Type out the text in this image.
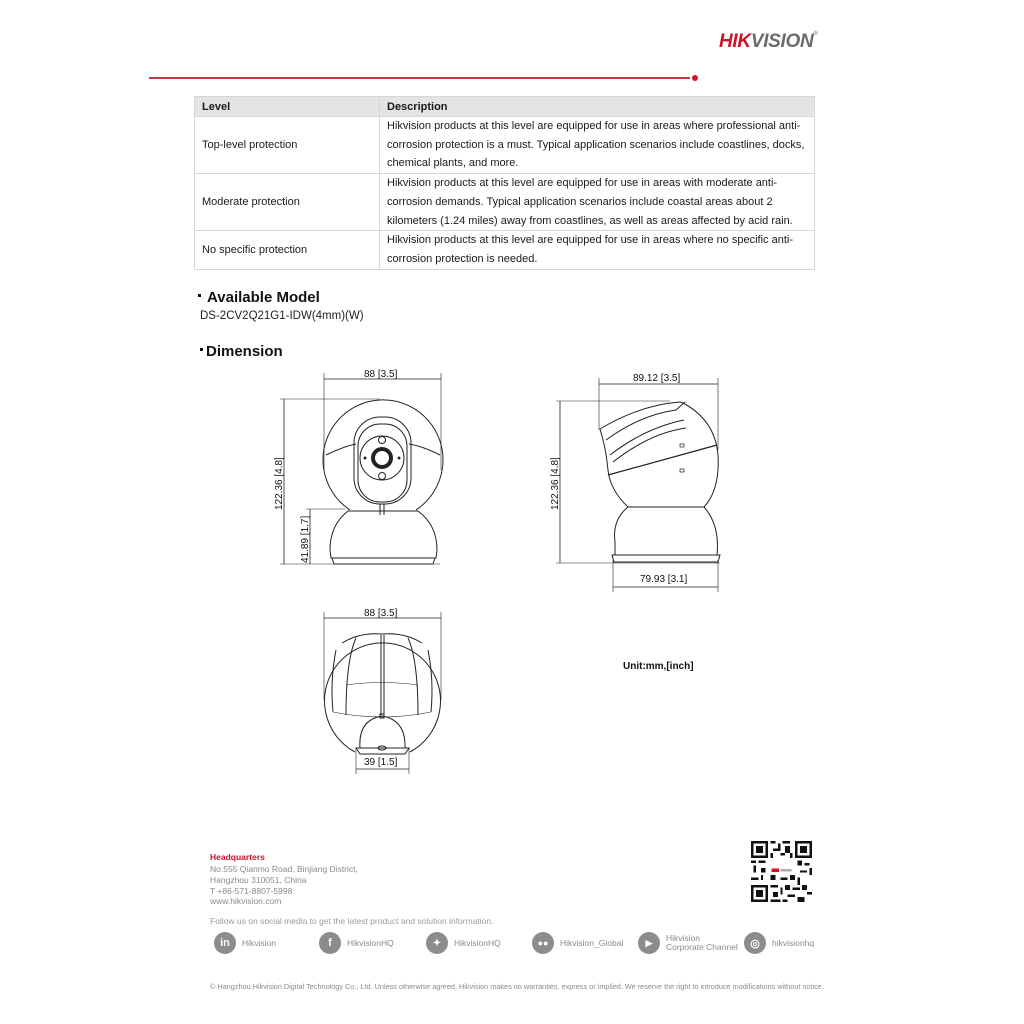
HIKVISION®
Level	Description
Top-level protection	Hikvision products at this level are equipped for use in areas where professional anti-corrosion protection is a must. Typical application scenarios include coastlines, docks, chemical plants, and more.
Moderate protection	Hikvision products at this level are equipped for use in areas with moderate anti-corrosion demands. Typical application scenarios include coastal areas about 2 kilometers (1.24 miles) away from coastlines, as well as areas affected by acid rain.
No specific protection	Hikvision products at this level are equipped for use in areas where no specific anti-corrosion protection is needed.
Available Model
DS-2CV2Q21G1-IDW(4mm)(W)
Dimension
88 [3.5]
122.36 [4.8]
41.89 [1.7]
89.12 [3.5]
122.36 [4.8]
79.93 [3.1]
88 [3.5]
39 [1.5]
Unit:mm,[inch]
Headquarters
No.555 Qianmo Road, Binjiang District,
Hangzhou 310051, China
T +86-571-8807-5998
www.hikvision.com
Follow us on social media to get the latest product and solution information.
in	Hikvision	f	HikvisionHQ	✦	HikvisionHQ	●●	Hikvision_Global	▶	Hikvision
Corporate Channel	◎	hikvisionhq
© Hangzhou Hikvision Digital Technology Co., Ltd. Unless otherwise agreed, Hikvision makes no warranties, express or implied. We reserve the right to introduce modifications without notice.
